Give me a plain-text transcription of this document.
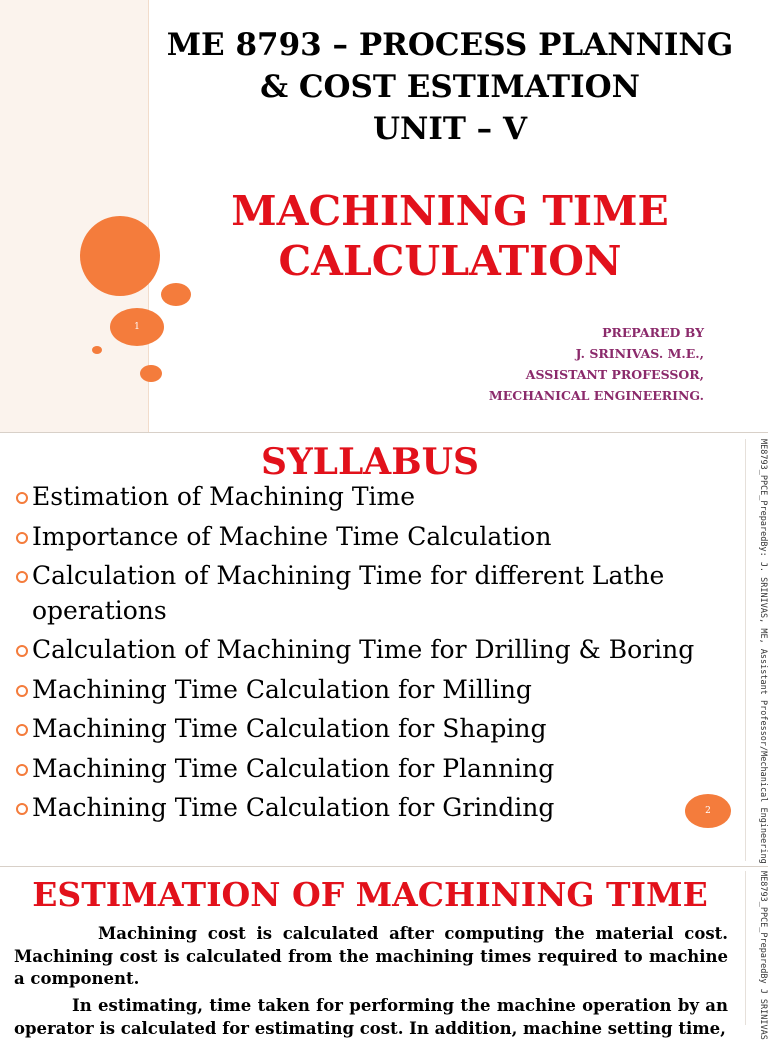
1
ME 8793 – PROCESS PLANNING
& COST ESTIMATION
UNIT – V
MACHINING TIME
CALCULATION
PREPARED BY
J. SRINIVAS. M.E.,
ASSISTANT PROFESSOR,
MECHANICAL ENGINEERING.
SYLLABUS
Estimation of Machining Time
Importance of Machine Time Calculation
Calculation of Machining Time for different Lathe operations
Calculation of Machining Time for Drilling & Boring
Machining Time Calculation for Milling
Machining Time Calculation for Shaping
Machining Time Calculation for Planning
Machining Time Calculation for Grinding	2	ME8793_PPCE_PreparedBy: J. SRINIVAS, ME, Assistant Professor/Mechanical Engineering
ESTIMATION OF MACHINING TIME

Machining cost is calculated after computing the material cost. Machining cost is calculated from the machining times required to machine a component.

In estimating, time taken for performing the machine operation by an operator is calculated for estimating cost. In addition, machine setting time,	ME8793_PPCE_PreparedBy J SRINIVAS
